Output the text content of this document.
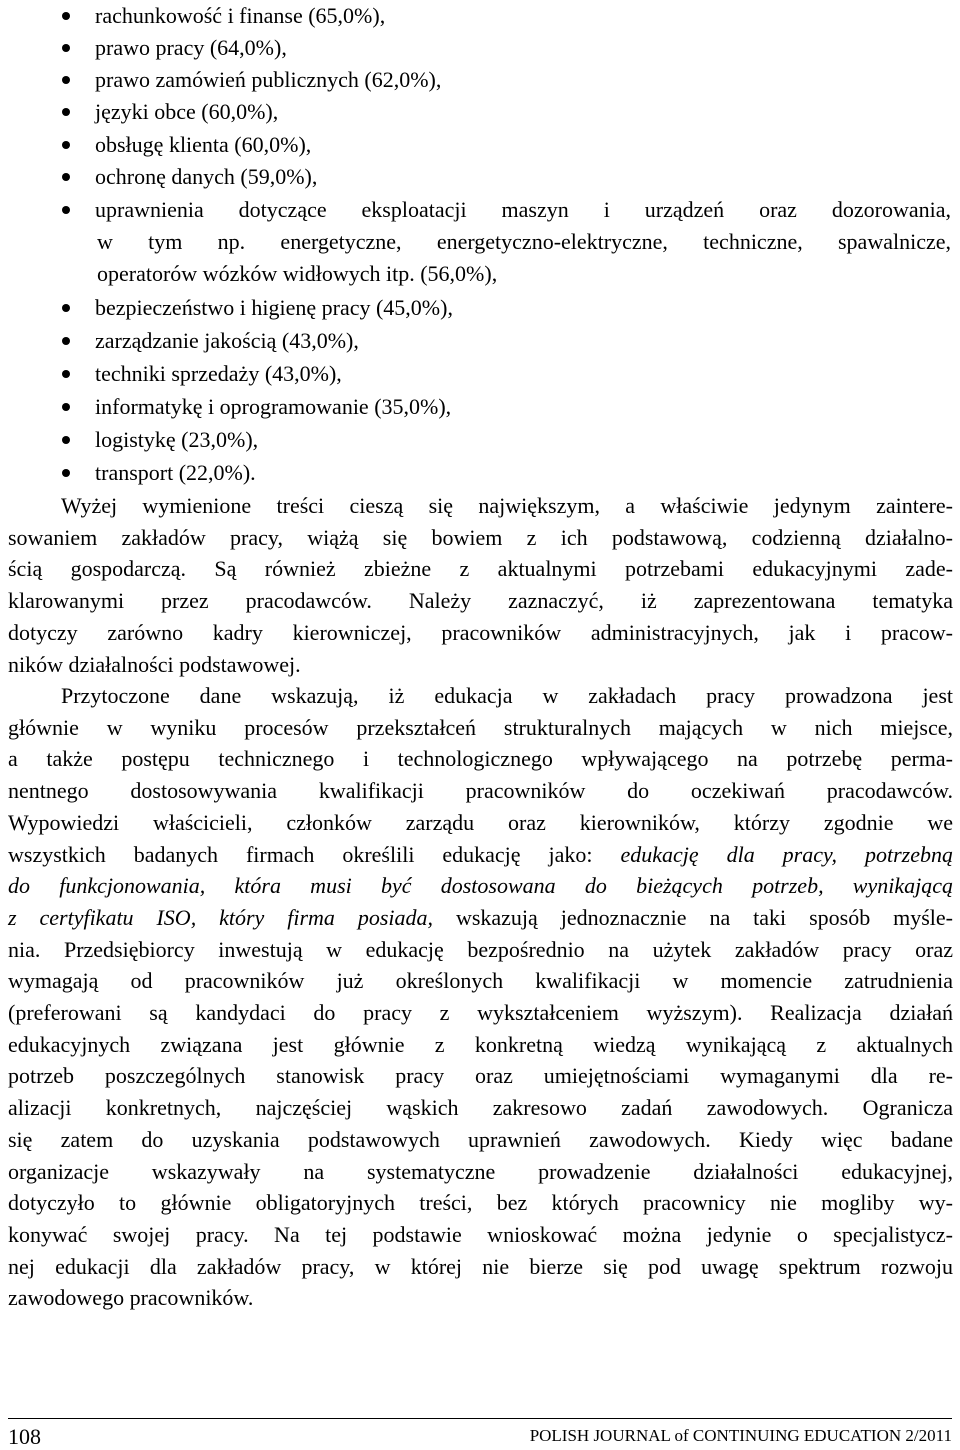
rachunkowość i finanse (65,0%),
prawo pracy (64,0%),
prawo zamówień publicznych (62,0%),
języki obce (60,0%),
obsługę klienta (60,0%),
ochronę danych (59,0%),
uprawnienia dotyczące eksploatacji maszyn i urządzeń oraz dozorowania,
w tym np. energetyczne, energetyczno-elektryczne, techniczne, spawalnicze,
operatorów wózków widłowych itp. (56,0%),
bezpieczeństwo i higienę pracy (45,0%),
zarządzanie jakością (43,0%),
techniki sprzedaży (43,0%),
informatykę i oprogramowanie (35,0%),
logistykę (23,0%),
transport (22,0%).
Wyżej wymienione treści cieszą się największym, a właściwie jedynym zaintere-
sowaniem zakładów pracy, wiążą się bowiem z ich podstawową, codzienną działalno-
ścią gospodarczą. Są również zbieżne z aktualnymi potrzebami edukacyjnymi zade-
klarowanymi przez pracodawców. Należy zaznaczyć, iż zaprezentowana tematyka
dotyczy zarówno kadry kierowniczej, pracowników administracyjnych, jak i pracow-
ników działalności podstawowej.
Przytoczone dane wskazują, iż edukacja w zakładach pracy prowadzona jest
głównie w wyniku procesów przekształceń strukturalnych mających w nich miejsce,
a także postępu technicznego i technologicznego wpływającego na potrzebę perma-
nentnego dostosowywania kwalifikacji pracowników do oczekiwań pracodawców.
Wypowiedzi właścicieli, członków zarządu oraz kierowników, którzy zgodnie we
wszystkich badanych firmach określili edukację jako: edukację dla pracy, potrzebną
do funkcjonowania, która musi być dostosowana do bieżących potrzeb, wynikającą
z certyfikatu ISO, który firma posiada, wskazują jednoznacznie na taki sposób myśle-
nia. Przedsiębiorcy inwestują w edukację bezpośrednio na użytek zakładów pracy oraz
wymagają od pracowników już określonych kwalifikacji w momencie zatrudnienia
(preferowani są kandydaci do pracy z wykształceniem wyższym). Realizacja działań
edukacyjnych związana jest głównie z konkretną wiedzą wynikającą z aktualnych
potrzeb poszczególnych stanowisk pracy oraz umiejętnościami wymaganymi dla re-
alizacji konkretnych, najczęściej wąskich zakresowo zadań zawodowych. Ogranicza
się zatem do uzyskania podstawowych uprawnień zawodowych. Kiedy więc badane
organizacje wskazywały na systematyczne prowadzenie działalności edukacyjnej,
dotyczyło to głównie obligatoryjnych treści, bez których pracownicy nie mogliby wy-
konywać swojej pracy. Na tej podstawie wnioskować można jedynie o specjalistycz-
nej edukacji dla zakładów pracy, w której nie bierze się pod uwagę spektrum rozwoju
zawodowego pracowników.
108	POLISH JOURNAL of CONTINUING EDUCATION 2/2011
